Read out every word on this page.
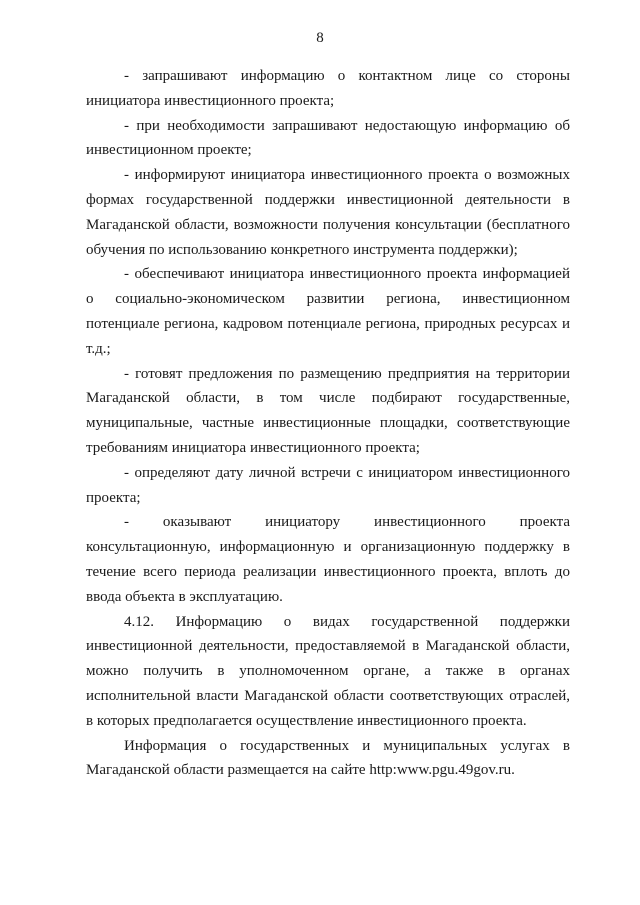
8

- запрашивают информацию о контактном лице со стороны инициатора инвестиционного проекта;

- при необходимости запрашивают недостающую информацию об инвестиционном проекте;

- информируют инициатора инвестиционного проекта о возможных формах государственной поддержки инвестиционной деятельности в Магаданской области, возможности получения консультации (бесплатного обучения по использованию конкретного инструмента поддержки);

- обеспечивают инициатора инвестиционного проекта информацией о социально-экономическом развитии региона, инвестиционном потенциале региона, кадровом потенциале региона, природных ресурсах и т.д.;

- готовят предложения по размещению предприятия на территории Магаданской области, в том числе подбирают государственные, муниципальные, частные инвестиционные площадки, соответствующие требованиям инициатора инвестиционного проекта;

- определяют дату личной встречи с инициатором инвестиционного проекта;

- оказывают инициатору инвестиционного проекта консультационную, информационную и организационную поддержку в течение всего периода реализации инвестиционного проекта, вплоть до ввода объекта в эксплуатацию.

4.12. Информацию о видах государственной поддержки инвестиционной деятельности, предоставляемой в Магаданской области, можно получить в уполномоченном органе, а также в органах исполнительной власти Магаданской области соответствующих отраслей, в которых предполагается осуществление инвестиционного проекта.

Информация о государственных и муниципальных услугах в Магаданской области размещается на сайте http:www.pgu.49gov.ru.
